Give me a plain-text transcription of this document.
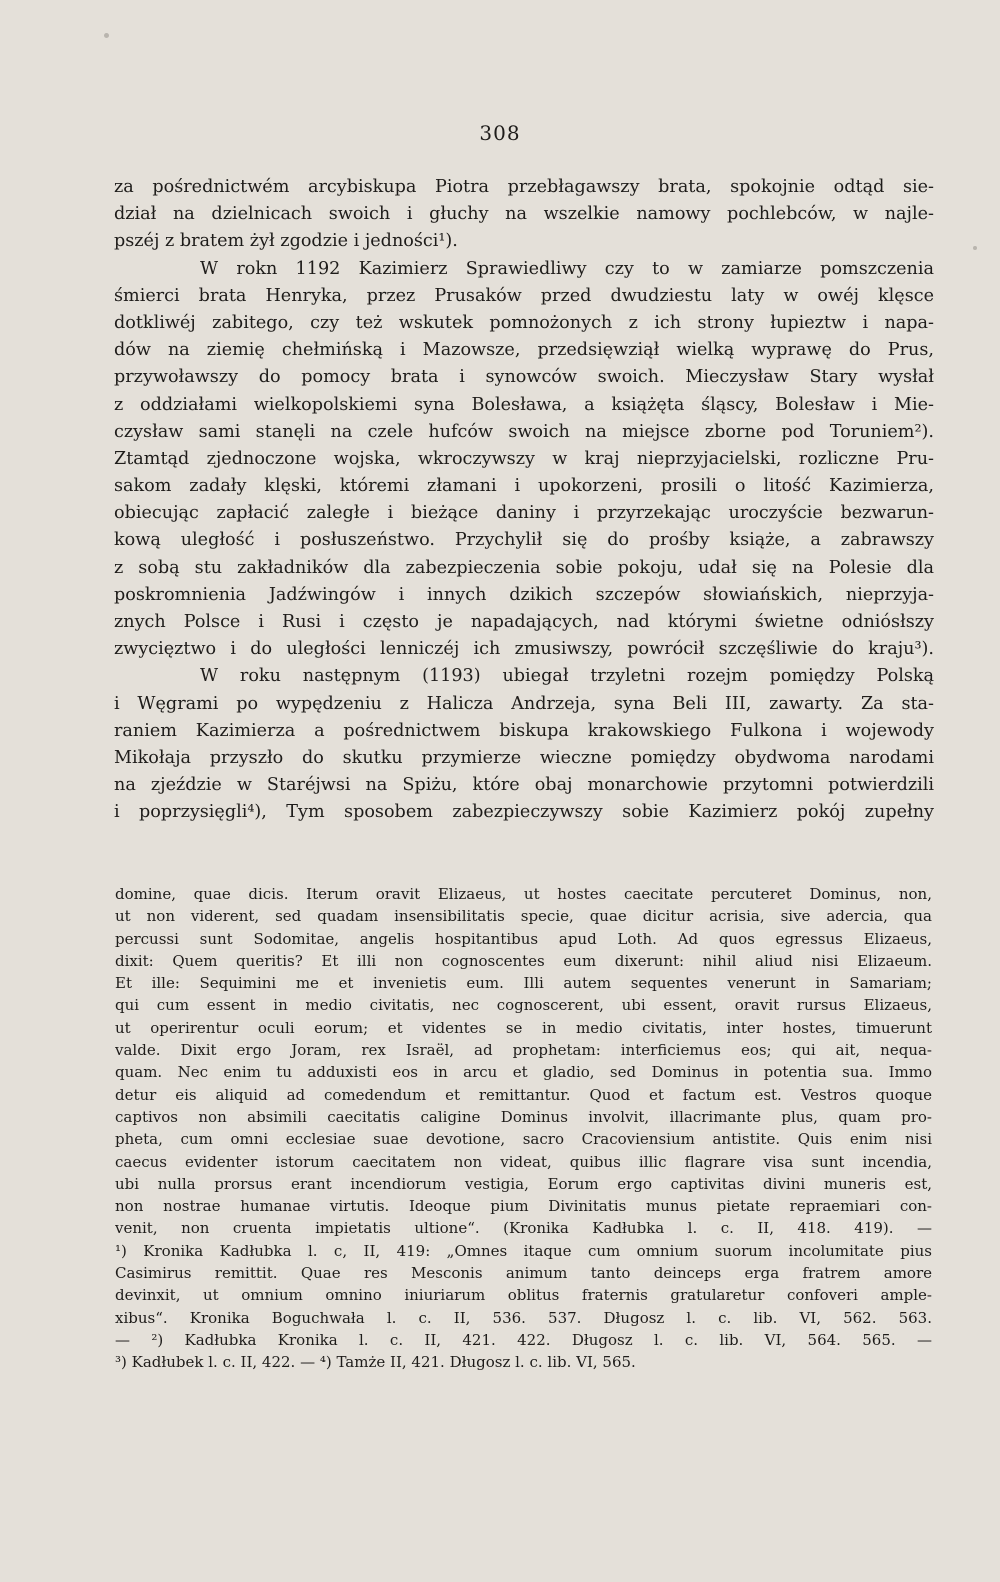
308
za pośrednictwém arcybiskupa Piotra przebłagawszy brata, spokojnie odtąd sie-
dział na dzielnicach swoich i głuchy na wszelkie namowy pochlebców, w najle-
pszéj z bratem żył zgodzie i jedności¹).
W rokn 1192 Kazimierz Sprawiedliwy czy to w zamiarze pomszczenia
śmierci brata Henryka, przez Prusaków przed dwudziestu laty w owéj klęsce
dotkliwéj zabitego, czy też wskutek pomnożonych z ich strony łupieztw i napa-
dów na ziemię chełmińską i Mazowsze, przedsięwziął wielką wyprawę do Prus,
przywoławszy do pomocy brata i synowców swoich. Mieczysław Stary wysłał
z oddziałami wielkopolskiemi syna Bolesława, a książęta śląscy, Bolesław i Mie-
czysław sami stanęli na czele hufców swoich na miejsce zborne pod Toruniem²).
Ztamtąd zjednoczone wojska, wkroczywszy w kraj nieprzyjacielski, rozliczne Pru-
sakom zadały klęski, któremi złamani i upokorzeni, prosili o litość Kazimierza,
obiecując zapłacić zaległe i bieżące daniny i przyrzekając uroczyście bezwarun-
kową uległość i posłuszeństwo. Przychylił się do prośby książe, a zabrawszy
z sobą stu zakładników dla zabezpieczenia sobie pokoju, udał się na Polesie dla
poskromnienia Jadźwingów i innych dzikich szczepów słowiańskich, nieprzyja-
znych Polsce i Rusi i często je napadających, nad którymi świetne odniósłszy
zwycięztwo i do uległości lenniczéj ich zmusiwszy, powrócił szczęśliwie do kraju³).
W roku następnym (1193) ubiegał trzyletni rozejm pomiędzy Polską
i Węgrami po wypędzeniu z Halicza Andrzeja, syna Beli III, zawarty. Za sta-
raniem Kazimierza a pośrednictwem biskupa krakowskiego Fulkona i wojewody
Mikołaja przyszło do skutku przymierze wieczne pomiędzy obydwoma narodami
na zjeździe w Staréjwsi na Spiżu, które obaj monarchowie przytomni potwierdzili
i poprzysięgli⁴), Tym sposobem zabezpieczywszy sobie Kazimierz pokój zupełny
domine, quae dicis. Iterum oravit Elizaeus, ut hostes caecitate percuteret Dominus, non,
ut non viderent, sed quadam insensibilitatis specie, quae dicitur acrisia, sive adercia, qua
percussi sunt Sodomitae, angelis hospitantibus apud Loth. Ad quos egressus Elizaeus,
dixit: Quem queritis? Et illi non cognoscentes eum dixerunt: nihil aliud nisi Elizaeum.
Et ille: Sequimini me et invenietis eum. Illi autem sequentes venerunt in Samariam;
qui cum essent in medio civitatis, nec cognoscerent, ubi essent, oravit rursus Elizaeus,
ut operirentur oculi eorum; et videntes se in medio civitatis, inter hostes, timuerunt
valde. Dixit ergo Joram, rex Israël, ad prophetam: interficiemus eos; qui ait, nequa-
quam. Nec enim tu adduxisti eos in arcu et gladio, sed Dominus in potentia sua. Immo
detur eis aliquid ad comedendum et remittantur. Quod et factum est. Vestros quoque
captivos non absimili caecitatis caligine Dominus involvit, illacrimante plus, quam pro-
pheta, cum omni ecclesiae suae devotione, sacro Cracoviensium antistite. Quis enim nisi
caecus evidenter istorum caecitatem non videat, quibus illic flagrare visa sunt incendia,
ubi nulla prorsus erant incendiorum vestigia, Eorum ergo captivitas divini muneris est,
non nostrae humanae virtutis. Ideoque pium Divinitatis munus pietate repraemiari con-
venit, non cruenta impietatis ultione“. (Kronika Kadłubka l. c. II, 418. 419). —
¹) Kronika Kadłubka l. c, II, 419: „Omnes itaque cum omnium suorum incolumitate pius
Casimirus remittit. Quae res Mesconis animum tanto deinceps erga fratrem amore
devinxit, ut omnium omnino iniuriarum oblitus fraternis gratularetur confoveri ample-
xibus“. Kronika Boguchwała l. c. II, 536. 537. Długosz l. c. lib. VI, 562. 563.
— ²) Kadłubka Kronika l. c. II, 421. 422. Długosz l. c. lib. VI, 564. 565. —
³) Kadłubek l. c. II, 422. — ⁴) Tamże II, 421. Długosz l. c. lib. VI, 565.
